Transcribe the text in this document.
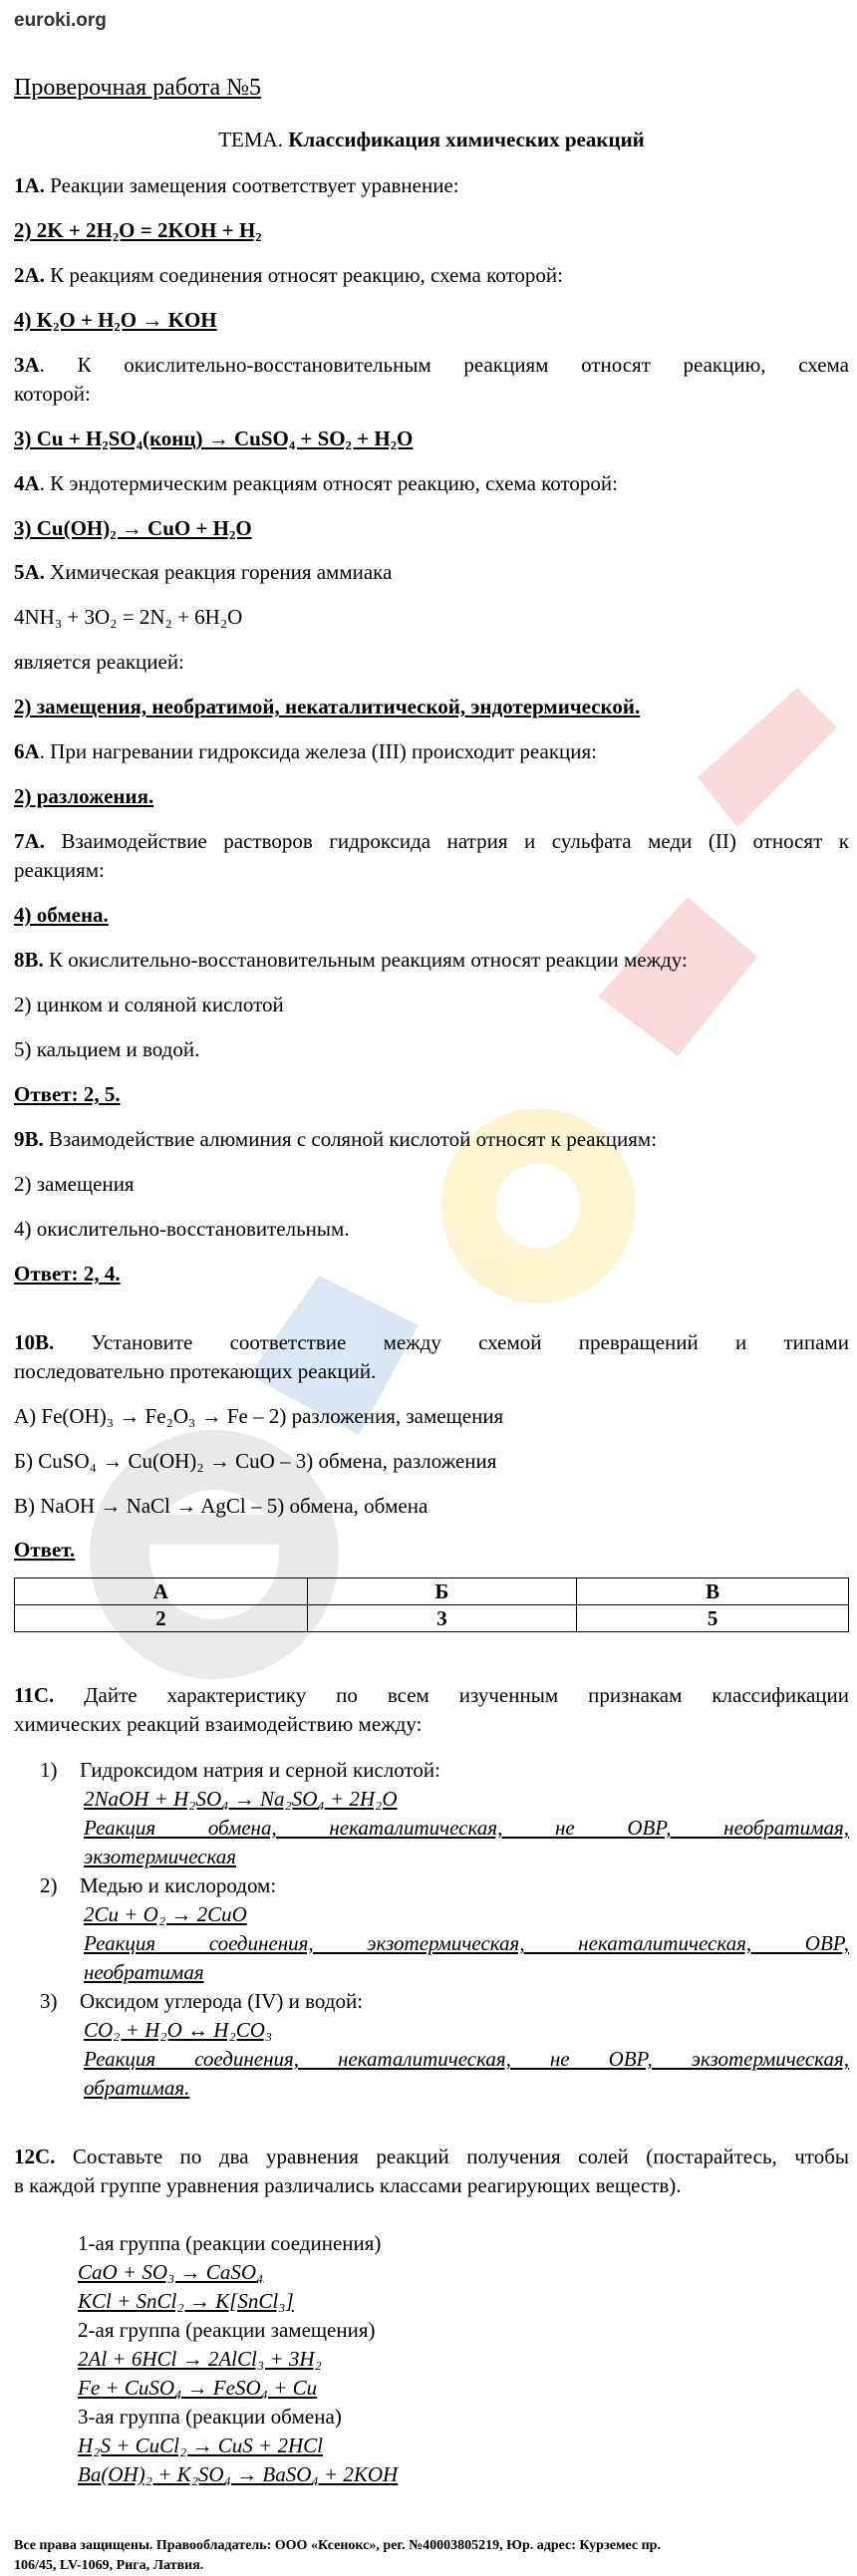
euroki.org
Проверочная работа №5
ТЕМА. Классификация химических реакций
1А. Реакции замещения соответствует уравнение:
2) 2K + 2H₂O = 2KOH + H₂
2А. К реакциям соединения относят реакцию, схема которой:
4) K₂O + H₂O → KOH
3А. К окислительно-восстановительным реакциям относят реакцию, схема
которой:
3) Cu + H₂SO₄(конц) → CuSO₄ + SO₂ + H₂O
4А. К эндотермическим реакциям относят реакцию, схема которой:
3) Cu(OH)₂ → CuO + H₂O
5А. Химическая реакция горения аммиака
4NH₃ + 3O₂ = 2N₂ + 6H₂O
является реакцией:
2) замещения, необратимой, некаталитической, эндотермической.
6А. При нагревании гидроксида железа (III) происходит реакция:
2) разложения.
7А. Взаимодействие растворов гидроксида натрия и сульфата меди (II) относят к
реакциям:
4) обмена.
8В. К окислительно-восстановительным реакциям относят реакции между:
2) цинком и соляной кислотой
5) кальцием и водой.
Ответ: 2, 5.
9В. Взаимодействие алюминия с соляной кислотой относят к реакциям:
2) замещения
4) окислительно-восстановительным.
Ответ: 2, 4.
10В. Установите соответствие между схемой превращений и типами
последовательно протекающих реакций.
А) Fe(OH)₃ → Fe₂O₃ → Fe – 2) разложения, замещения
Б) CuSO₄ → Cu(OH)₂ → CuO – 3) обмена, разложения
В) NaOH → NaCl → AgCl – 5) обмена, обмена
Ответ.
А	Б	В
2	3	5
11С. Дайте характеристику по всем изученным признакам классификации
химических реакций взаимодействию между:
1) Гидроксидом натрия и серной кислотой:
2NaOH + H₂SO₄ → Na₂SO₄ + 2H₂O
Реакция обмена, некаталитическая, не ОВР, необратимая,
экзотермическая
2) Медью и кислородом:
2Cu + O₂ → 2CuO
Реакция соединения, экзотермическая, некаталитическая, ОВР,
необратимая
3) Оксидом углерода (IV) и водой:
CO₂ + H₂O ↔ H₂CO₃
Реакция соединения, некаталитическая, не ОВР, экзотермическая,
обратимая.
12С. Составьте по два уравнения реакций получения солей (постарайтесь, чтобы
в каждой группе уравнения различались классами реагирующих веществ).
1-ая группа (реакции соединения)
CaO + SO₃ → CaSO₄
KCl + SnCl₂ → K[SnCl₃]
2-ая группа (реакции замещения)
2Al + 6HCl → 2AlCl₃ + 3H₂
Fe + CuSO₄ → FeSO₄ + Cu
3-ая группа (реакции обмена)
H₂S + CuCl₂ → CuS + 2HCl
Ba(OH)₂ + K₂SO₄ → BaSO₄ + 2KOH
Все права защищены. Правообладатель: ООО «Ксенокс», рег. №40003805219, Юр. адрес: Курземес пр.
106/45, LV-1069, Рига, Латвия.
